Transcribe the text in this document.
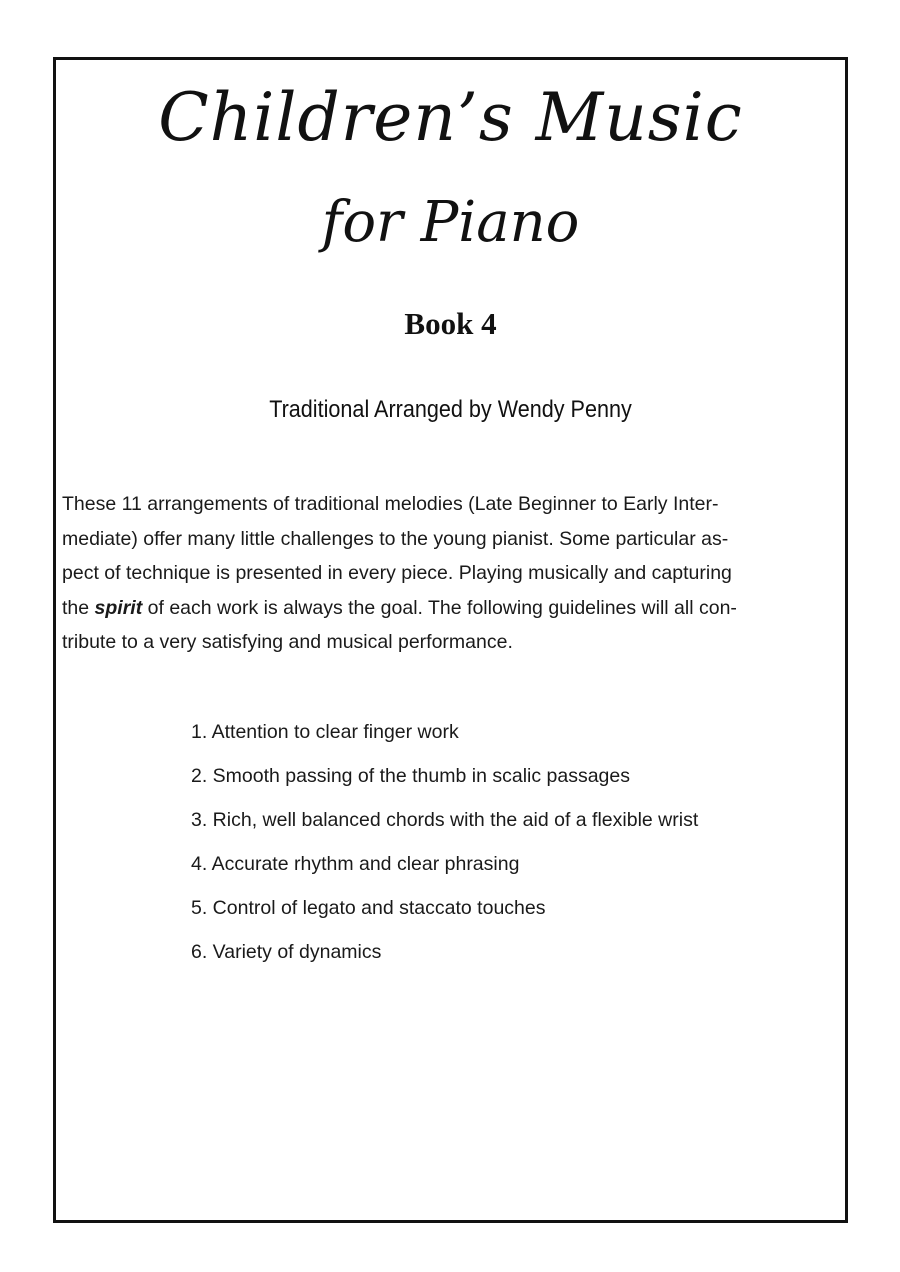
Children’s Music
for Piano
Book 4
Traditional Arranged by Wendy Penny
These 11 arrangements of traditional melodies (Late Beginner to Early Inter-
mediate) offer many little challenges to the young pianist. Some particular as-
pect of technique is presented in every piece. Playing musically and capturing
the spirit of each work is always the goal. The following guidelines will all con-
tribute to a very satisfying and musical performance.
1. Attention to clear finger work
2. Smooth passing of the thumb in scalic passages
3. Rich, well balanced chords with the aid of a flexible wrist
4. Accurate rhythm and clear phrasing
5. Control of legato and staccato touches
6. Variety of dynamics
